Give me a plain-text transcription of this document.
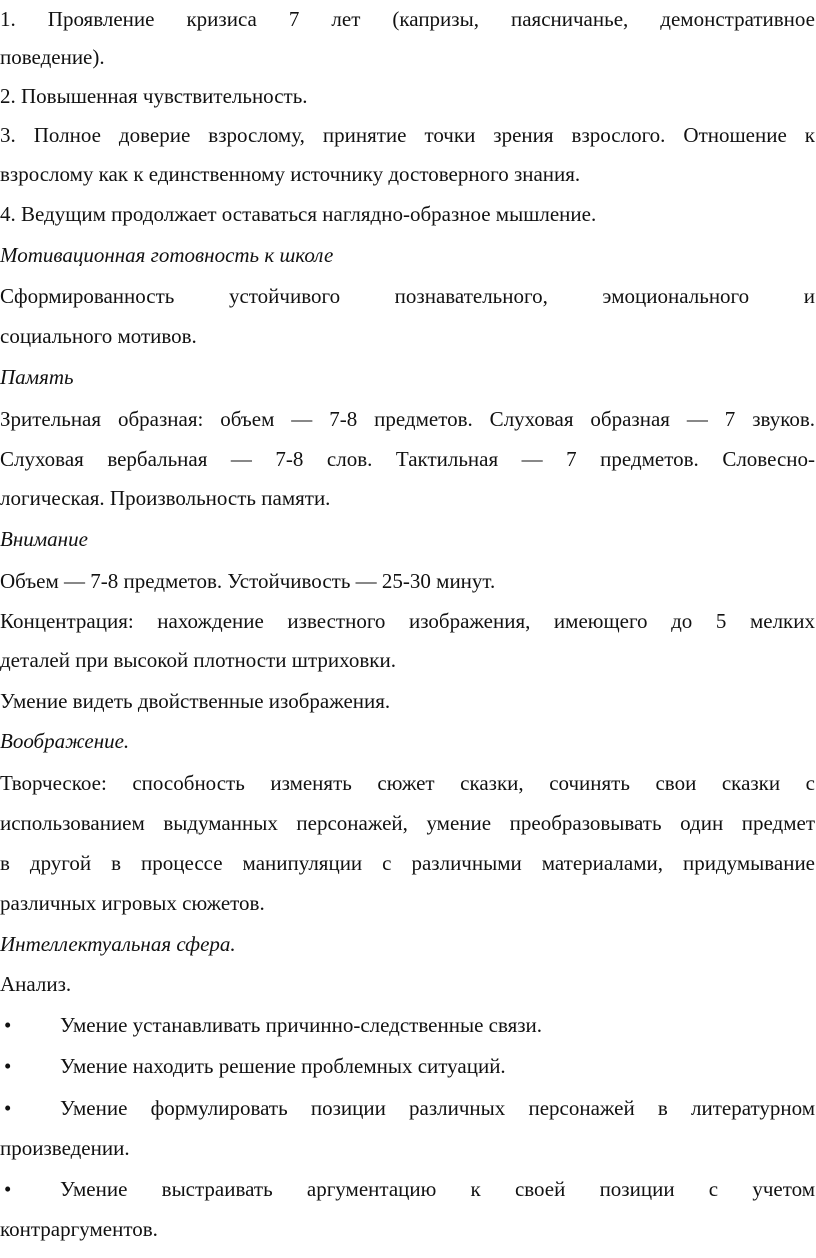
1. Проявление кризиса 7 лет (капризы, паясничанье, демонстративное
поведение).
2. Повышенная чувствительность.
3. Полное доверие взрослому, принятие точки зрения взрослого. Отношение к
взрослому как к единственному источнику достоверного знания.
4. Ведущим продолжает оставаться наглядно-образное мышление.
Мотивационная готовность к школе
Сформированность устойчивого познавательного, эмоционального и
социального мотивов.
Память
Зрительная образная: объем — 7-8 предметов. Слуховая образная — 7 звуков.
Слуховая вербальная — 7-8 слов. Тактильная — 7 предметов. Словесно-
логическая. Произвольность памяти.
Внимание
Объем — 7-8 предметов. Устойчивость — 25-30 минут.
Концентрация: нахождение известного изображения, имеющего до 5 мелких
деталей при высокой плотности штриховки.
Умение видеть двойственные изображения.
Воображение.
Творческое: способность изменять сюжет сказки, сочинять свои сказки с
использованием выдуманных персонажей, умение преобразовывать один предмет
в другой в процессе манипуляции с различными материалами, придумывание
различных игровых сюжетов.
Интеллектуальная сфера.
Анализ.
•	Умение устанавливать причинно-следственные связи.
•	Умение находить решение проблемных ситуаций.
•	Умение формулировать позиции различных персонажей в литературном
произведении.
•	Умение выстраивать аргументацию к своей позиции с учетом
контраргументов.
